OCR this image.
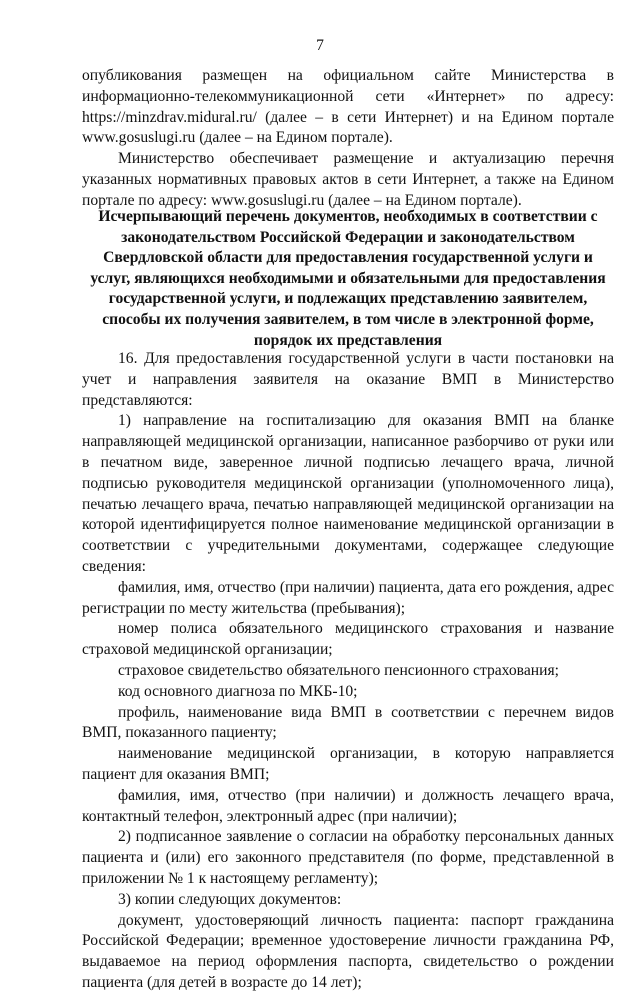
7

опубликования размещен на официальном сайте Министерства в информационно-телекоммуникационной сети «Интернет» по адресу: https://minzdrav.midural.ru/ (далее – в сети Интернет) и на Едином портале www.gosuslugi.ru (далее – на Едином портале).

Министерство обеспечивает размещение и актуализацию перечня указанных нормативных правовых актов в сети Интернет, а также на Едином портале по адресу: www.gosuslugi.ru (далее – на Едином портале).

Исчерпывающий перечень документов, необходимых в соответствии с законодательством Российской Федерации и законодательством Свердловской области для предоставления государственной услуги и услуг, являющихся необходимыми и обязательными для предоставления государственной услуги, и подлежащих представлению заявителем, способы их получения заявителем, в том числе в электронной форме, порядок их представления

16. Для предоставления государственной услуги в части постановки на учет и направления заявителя на оказание ВМП в Министерство представляются:

1) направление на госпитализацию для оказания ВМП на бланке направляющей медицинской организации, написанное разборчиво от руки или в печатном виде, заверенное личной подписью лечащего врача, личной подписью руководителя медицинской организации (уполномоченного лица), печатью лечащего врача, печатью направляющей медицинской организации на которой идентифицируется полное наименование медицинской организации в соответствии с учредительными документами, содержащее следующие сведения:

фамилия, имя, отчество (при наличии) пациента, дата его рождения, адрес регистрации по месту жительства (пребывания);

номер полиса обязательного медицинского страхования и название страховой медицинской организации;

страховое свидетельство обязательного пенсионного страхования;

код основного диагноза по МКБ-10;

профиль, наименование вида ВМП в соответствии с перечнем видов ВМП, показанного пациенту;

наименование медицинской организации, в которую направляется пациент для оказания ВМП;

фамилия, имя, отчество (при наличии) и должность лечащего врача, контактный телефон, электронный адрес (при наличии);

2) подписанное заявление о согласии на обработку персональных данных пациента и (или) его законного представителя (по форме, представленной в приложении № 1 к настоящему регламенту);

3) копии следующих документов:

документ, удостоверяющий личность пациента: паспорт гражданина Российской Федерации; временное удостоверение личности гражданина РФ, выдаваемое на период оформления паспорта, свидетельство о рождении пациента (для детей в возрасте до 14 лет);
